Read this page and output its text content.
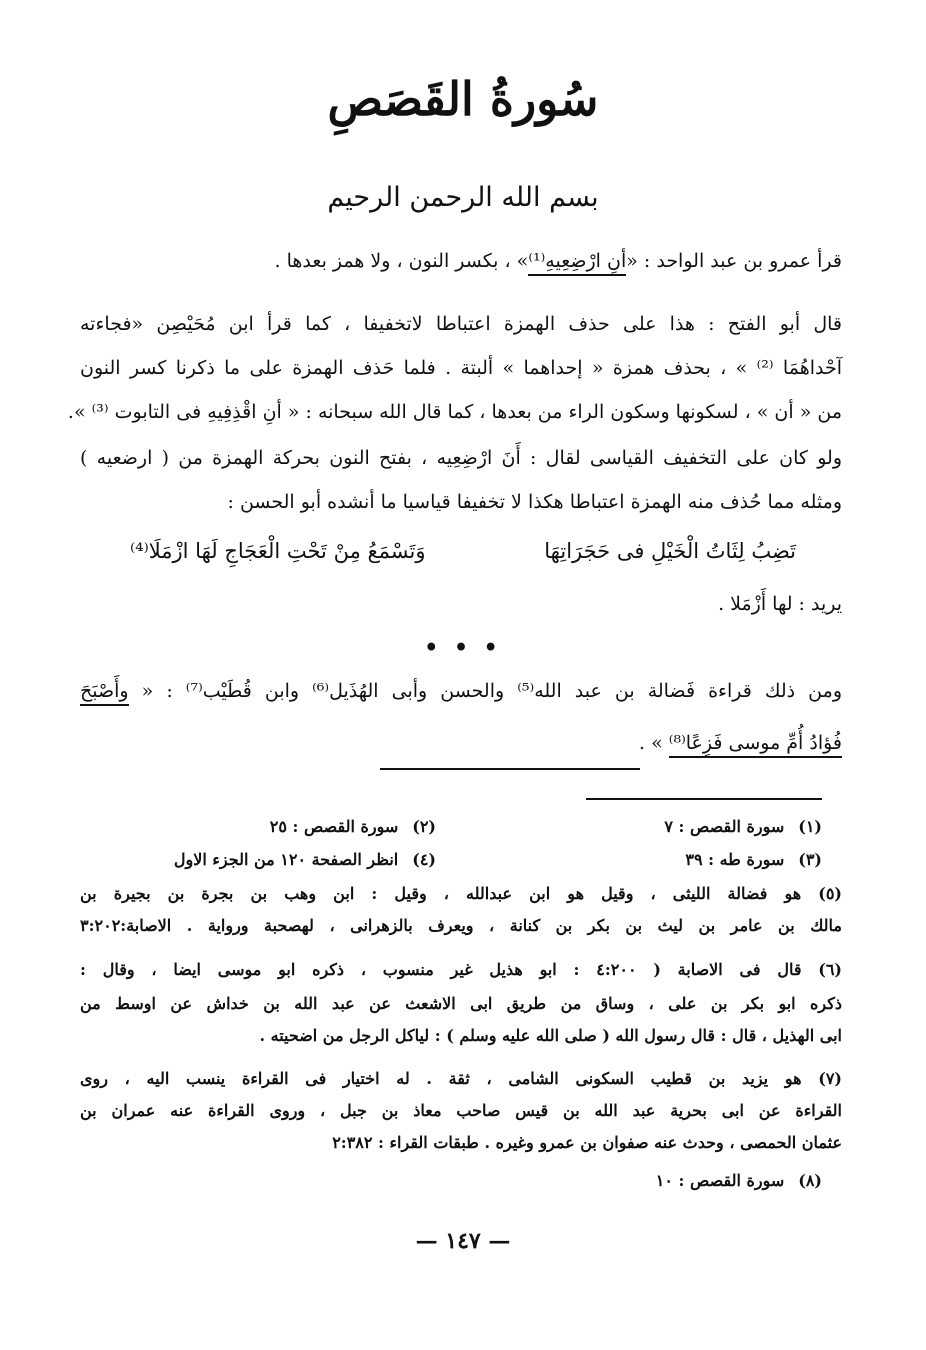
سُورةُ القَصَصِ
بسم الله الرحمن الرحيم
قرأ عمرو بن عبد الواحد : «أنِ ارْضِعِيهِ⁽¹⁾» ، بكسر النون ، ولا همز بعدها .
قال أبو الفتح : هذا على حذف الهمزة اعتباطا لاتخفيفا ، كما قرأ ابن مُحَيْصِن «فجاءته
آحْداهُمَا ⁽²⁾ » ، بحذف همزة « إحداهما » ألبتة . فلما حَذف الهمزة على ما ذكرنا كسر النون
من « أن » ، لسكونها وسكون الراء من بعدها ، كما قال الله سبحانه : « أنِ اقْذِفِيهِ فى التابوت ⁽³⁾ ».
ولو كان على التخفيف القياسى لقال : أَنَ ارْضِعِيه ، بفتح النون بحركة الهمزة من ( ارضعيه )
ومثله مما حُذف منه الهمزة اعتباطا هكذا لا تخفيفا قياسيا ما أنشده أبو الحسن :
تَضِبُ لِثَاتُ الْخَيْلِ فى حَجَرَاتِهَا
وَتَسْمَعُ مِنْ تَحْتِ الْعَجَاجِ لَهَا ازْمَلَا⁽⁴⁾
يريد : لها أَزْمَلا .
• • •
ومن ذلك قراءة فَضالة بن عبد الله⁽⁵⁾ والحسن وأبى الهُذَيل⁽⁶⁾ وابن قُطَيْب⁽⁷⁾ : « وأَصْبَحَ
فُؤادُ أُمِّ موسى فَزِعًا⁽⁸⁾ » .
(١)سورة القصص : ٧
(٢)سورة القصص : ٢٥
(٣)سورة طه : ٣٩
(٤)انظر الصفحة ١٢٠ من الجزء الاول
(٥) هو فضالة الليثى ، وقيل هو ابن عبدالله ، وقيل : ابن وهب بن بجرة بن بجيرة بن
مالك بن عامر بن ليث بن بكر بن كنانة ، ويعرف بالزهرانى ، لهصحبة ورواية . الاصابة:٣:٢٠٢
(٦) قال فى الاصابة ( ٤:٢٠٠ : ابو هذيل غير منسوب ، ذكره ابو موسى ايضا ، وقال :
ذكره ابو بكر بن على ، وساق من طريق ابى الاشعث عن عبد الله بن خداش عن اوسط من
ابى الهذيل ، قال : قال رسول الله ( صلى الله عليه وسلم ) : لياكل الرجل من اضحيته .
(٧) هو يزيد بن قطيب السكونى الشامى ، ثقة . له اختيار فى القراءة ينسب اليه ، روى
القراءة عن ابى بحرية عبد الله بن قيس صاحب معاذ بن جبل ، وروى القراءة عنه عمران بن
عثمان الحمصى ، وحدث عنه صفوان بن عمرو وغيره . طبقات القراء : ٢:٣٨٢
(٨)سورة القصص : ١٠
— ١٤٧ —
